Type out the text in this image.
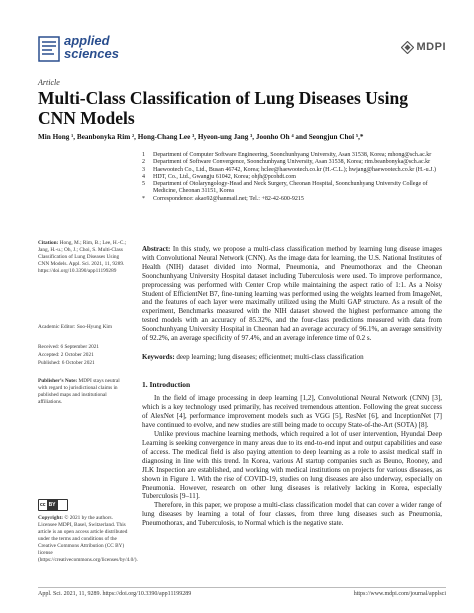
applied
sciences	MDPI
Article
Multi-Class Classification of Lung Diseases Using CNN Models
Min Hong ¹, Beanbonyka Rim ², Hong-Chang Lee ³, Hyeon-ung Jang ³, Joonho Oh ⁴ and Seongjun Choi ⁵,*
1	Department of Computer Software Engineering, Soonchunhyang University, Asan 31538, Korea; mhong@sch.ac.kr
2	Department of Software Convergence, Soonchunhyang University, Asan 31538, Korea; rim.beanbonyka@sch.ac.kr
3	Haewootech Co., Ltd., Busan 46742, Korea; hclee@haewootech.co.kr (H.-C.L.); hwjang@haewootech.co.kr (H.-u.J.)
4	HDT, Co., Ltd., Gwangju 61042, Korea; ohjh@pcohdt.com
5	Department of Otolaryngology-Head and Neck Surgery, Cheonan Hospital, Soonchunhyang University College of Medicine, Cheonan 31151, Korea
*	Correspondence: akao92@hanmail.net; Tel.: +82-42-600-9215
Abstract: In this study, we propose a multi-class classification method by learning lung disease images with Convolutional Neural Network (CNN). As the image data for learning, the U.S. National Institutes of Health (NIH) dataset divided into Normal, Pneumonia, and Pneumothorax and the Cheonan Soonchunhyang University Hospital dataset including Tuberculosis were used. To improve performance, preprocessing was performed with Center Crop while maintaining the aspect ratio of 1:1. As a Noisy Student of EfficientNet B7, fine-tuning learning was performed using the weights learned from ImageNet, and the features of each layer were maximally utilized using the Multi GAP structure. As a result of the experiment, Benchmarks measured with the NIH dataset showed the highest performance among the tested models with an accuracy of 85.32%, and the four-class predictions measured with data from Soonchunhyang University Hospital in Cheonan had an average accuracy of 96.1%, an average sensitivity of 92.2%, an average specificity of 97.4%, and an average inference time of 0.2 s.
Keywords: deep learning; lung diseases; efficientnet; multi-class classification
Citation: Hong, M.; Rim, B.; Lee, H.-C.; Jang, H.-u.; Oh, J.; Choi, S. Multi-Class Classification of Lung Diseases Using CNN Models. Appl. Sci. 2021, 11, 9289. https://doi.org/10.3390/app11199289
Academic Editor: Soo-Hyung Kim
Received: 6 September 2021
Accepted: 2 October 2021
Published: 6 October 2021
Publisher’s Note: MDPI stays neutral with regard to jurisdictional claims in published maps and institutional affiliations.
cc BY
Copyright: © 2021 by the authors. Licensee MDPI, Basel, Switzerland. This article is an open access article distributed under the terms and conditions of the Creative Commons Attribution (CC BY) license (https://creativecommons.org/licenses/by/4.0/).
1. Introduction

In the field of image processing in deep learning [1,2], Convolutional Neural Network (CNN) [3], which is a key technology used primarily, has received tremendous attention. Following the great success of AlexNet [4], performance improvement models such as VGG [5], ResNet [6], and InceptionNet [7] have continued to evolve, and new studies are still being made to occupy State-of-the-Art (SOTA) [8].

Unlike previous machine learning methods, which required a lot of user intervention, Hyundai Deep Learning is seeking convergence in many areas due to its end-to-end input and output capabilities and ease of access. The medical field is also paying attention to deep learning as a role to assist medical staff in diagnosing in line with this trend. In Korea, various AI startup companies such as Beuno, Rooney, and JLK Inspection are established, and working with medical institutions on projects for various diseases, as shown in Figure 1. With the rise of COVID-19, studies on lung diseases are also underway, especially on Pneumonia. However, research on other lung diseases is relatively lacking in Korea, especially Tuberculosis [9–11].

Therefore, in this paper, we propose a multi-class classification model that can cover a wider range of lung diseases by learning a total of four classes, from three lung diseases such as Pneumonia, Pneumothorax, and Tuberculosis, to Normal which is the negative state.

Appl. Sci. 2021, 11, 9289. https://doi.org/10.3390/app11199289	https://www.mdpi.com/journal/applsci
